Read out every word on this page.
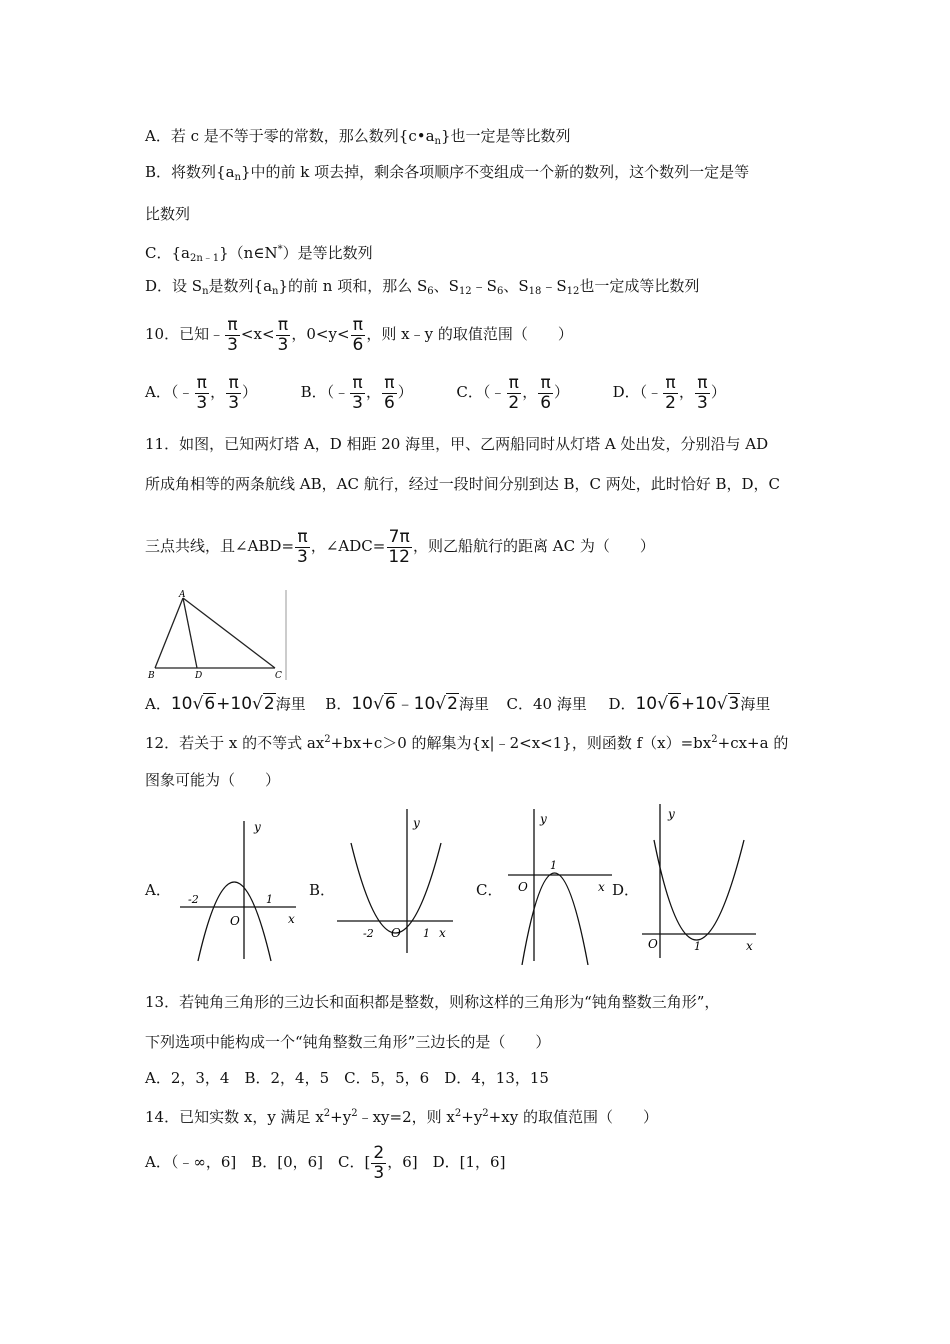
A．若 c 是不等于零的常数，那么数列$\{c•a_n\}$也一定是等比数列
B．将数列$\{a_n\}$中的前 k 项去掉，剩余各项顺序不变组成一个新的数列，这个数列一定是等
比数列
C．$\{a_{2n﹣1}\}(n\in N^*)$是等比数列
D．设 $S_n$是数列$\{a_n\}$的前 n 项和，那么 $S_6$、$S_{12}﹣S_6$、$S_{18}﹣S_{12}$也一定成等比数列
10．已知﹣ $\frac{\pi}{3} <x< \frac{\pi}{3}$ ，$0<y< \frac{\pi}{6}$ ，则 x﹣y 的取值范围（　　）
A．（﹣ $\frac{\pi}{3}$ ， $\frac{\pi}{3}$ ）	B．（﹣ $\frac{\pi}{3}$ ， $\frac{\pi}{6}$ ）	C．（﹣ $\frac{\pi}{2}$ ， $\frac{\pi}{6}$ ）	D．（﹣ $\frac{\pi}{2}$ ， $\frac{\pi}{3}$ ）
11．如图，已知两灯塔 A，D 相距 20 海里，甲、乙两船同时从灯塔 A 处出发，分别沿与 AD
所成角相等的两条航线 AB，AC 航行，经过一段时间分别到达 B，C 两处，此时恰好 B，D，C
三点共线，且∠ABD= $\frac{\pi}{3}$ ，∠ADC= $\frac{7\pi}{12}$ ，则乙船航行的距离 AC 为（　　）
A
B	D	C
A．10√6+10√2海里 B．10√6﹣10√2海里 C．40 海里 D．10√6+10√3海里
12．若关于 x 的不等式 $ax^2+bx+c>0$ 的解集为{x|﹣2<x<1}，则函数 $f(x)=bx^2+cx+a$ 的
图象可能为（　　）
A．
y
x
O
-2	1
B．
y
x
O
-2	1
C．
y
x
O
1
D．
y
x
O	1
13．若钝角三角形的三边长和面积都是整数，则称这样的三角形为“钝角整数三角形”，
下列选项中能构成一个“钝角整数三角形”三边长的是（　　）
A．2，3，4　B．2，4，5　C．5，5，6　D．4，13，15
14．已知实数 x，y 满足 $x^2+y^2﹣xy=2$，则 $x^2+y^2+xy$ 的取值范围（　　）
A．（﹣∞，6]　B．[0，6]　C．[ $\frac{2}{3}$ ，6]　D．[1，6]
